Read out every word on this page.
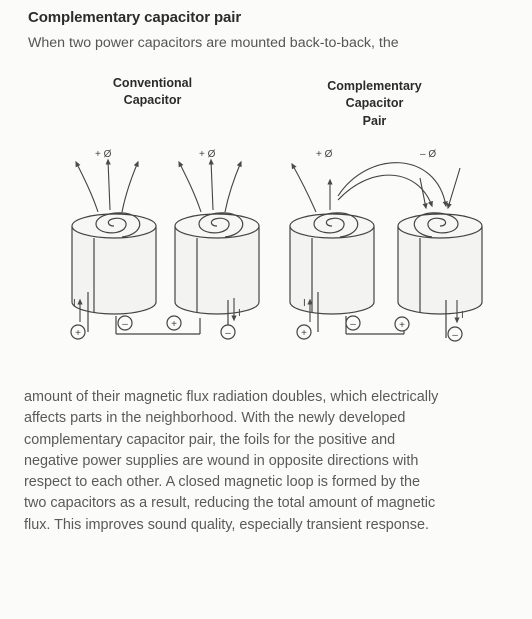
Complementary capacitor pair
When two power capacitors are mounted back-to-back, the
Conventional
Capacitor
Complementary
Capacitor
Pair
+
–	+
–	+
–	+
–
+ Ø	+ Ø	+ Ø	– Ø
I
I
I
I

amount of their magnetic flux radiation doubles, which electrically

affects parts in the neighborhood. With the newly developed

complementary capacitor pair, the foils for the positive and

negative power supplies are wound in opposite directions with

respect to each other. A closed magnetic loop is formed by the

two capacitors as a result, reducing the total amount of magnetic

flux. This improves sound quality, especially transient response.
